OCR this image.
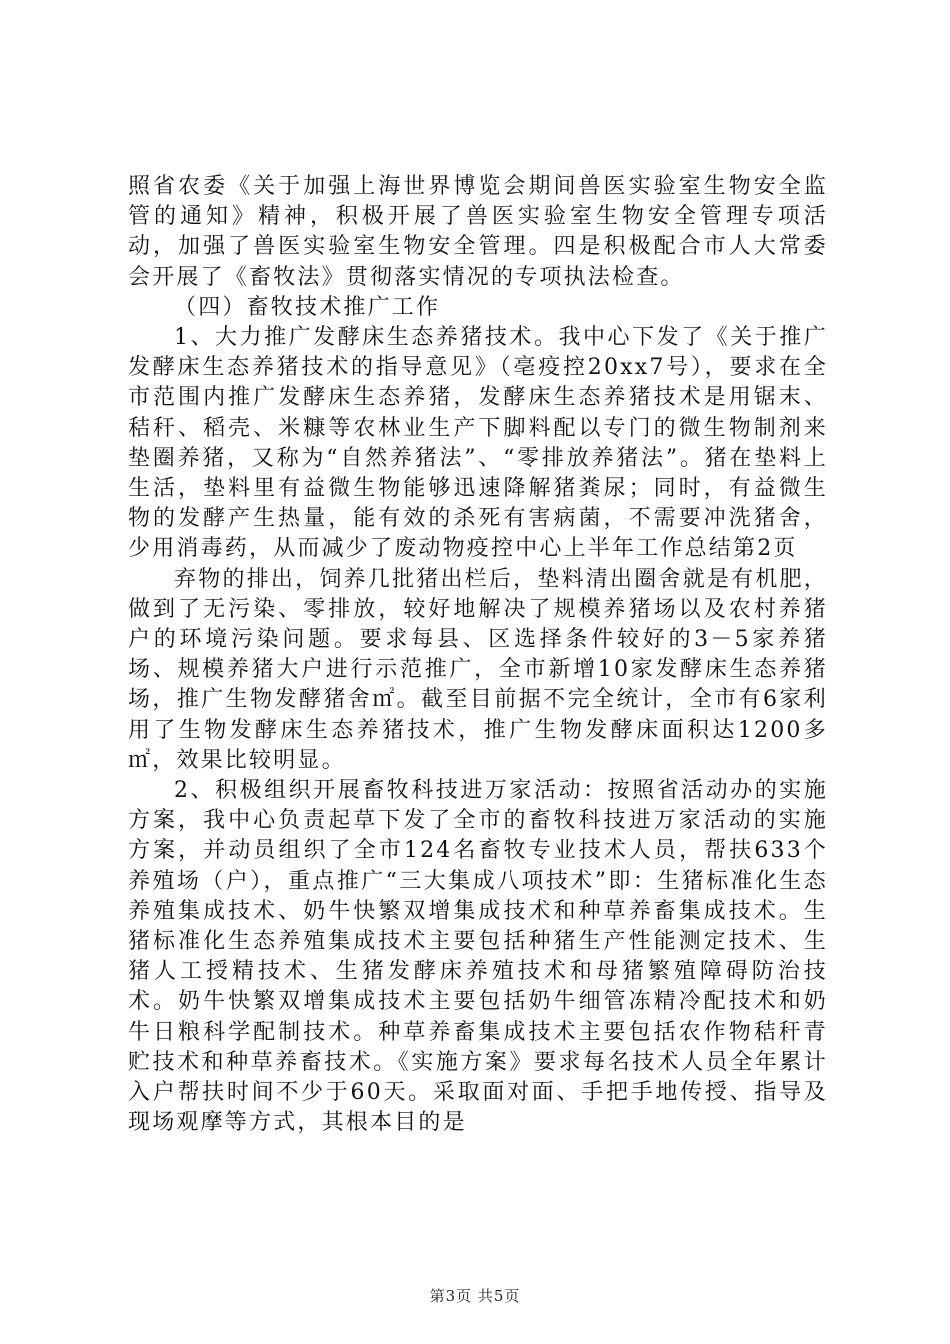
照省农委《关于加强上海世界博览会期间兽医实验室生物安全监管的通知》精神，积极开展了兽医实验室生物安全管理专项活动，加强了兽医实验室生物安全管理。四是积极配合市人大常委会开展了《畜牧法》贯彻落实情况的专项执法检查。

（四）畜牧技术推广工作

1、大力推广发酵床生态养猪技术。我中心下发了《关于推广发酵床生态养猪技术的指导意见》（亳疫控20xx7号），要求在全市范围内推广发酵床生态养猪，发酵床生态养猪技术是用锯末、秸秆、稻壳、米糠等农林业生产下脚料配以专门的微生物制剂来垫圈养猪，又称为“自然养猪法”、“零排放养猪法”。猪在垫料上生活，垫料里有益微生物能够迅速降解猪粪尿；同时，有益微生物的发酵产生热量，能有效的杀死有害病菌，不需要冲洗猪舍，少用消毒药，从而减少了废动物疫控中心上半年工作总结第2页

弃物的排出，饲养几批猪出栏后，垫料清出圈舍就是有机肥，做到了无污染、零排放，较好地解决了规模养猪场以及农村养猪户的环境污染问题。要求每县、区选择条件较好的3－5家养猪场、规模养猪大户进行示范推广，全市新增10家发酵床生态养猪场，推广生物发酵猪舍㎡。截至目前据不完全统计，全市有6家利用了生物发酵床生态养猪技术，推广生物发酵床面积达1200多㎡，效果比较明显。

2、积极组织开展畜牧科技进万家活动：按照省活动办的实施方案，我中心负责起草下发了全市的畜牧科技进万家活动的实施方案，并动员组织了全市124名畜牧专业技术人员，帮扶633个养殖场（户），重点推广“三大集成八项技术”即：生猪标准化生态养殖集成技术、奶牛快繁双增集成技术和种草养畜集成技术。生猪标准化生态养殖集成技术主要包括种猪生产性能测定技术、生猪人工授精技术、生猪发酵床养殖技术和母猪繁殖障碍防治技术。奶牛快繁双增集成技术主要包括奶牛细管冻精冷配技术和奶牛日粮科学配制技术。种草养畜集成技术主要包括农作物秸秆青贮技术和种草养畜技术。《实施方案》要求每名技术人员全年累计入户帮扶时间不少于60天。采取面对面、手把手地传授、指导及现场观摩等方式，其根本目的是

第3页 共5页
